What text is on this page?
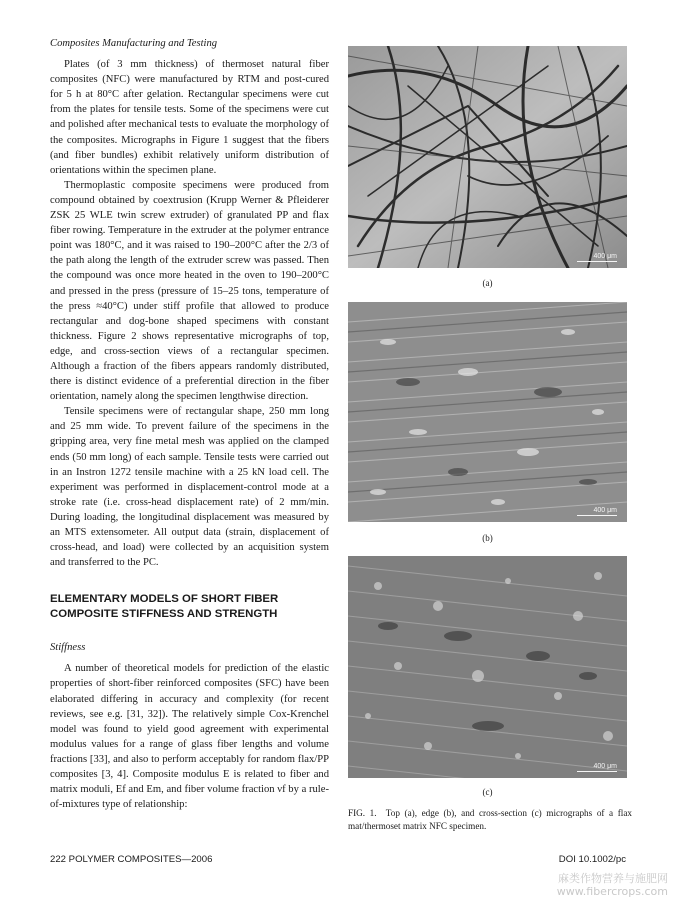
Composites Manufacturing and Testing

Plates (of 3 mm thickness) of thermoset natural fiber composites (NFC) were manufactured by RTM and post-cured for 5 h at 80°C after gelation. Rectangular specimens were cut from the plates for tensile tests. Some of the specimens were cut and polished after mechanical tests to evaluate the morphology of the composites. Micrographs in Figure 1 suggest that the fibers (and fiber bundles) exhibit relatively uniform distribution of orientations within the specimen plane.

Thermoplastic composite specimens were produced from compound obtained by coextrusion (Krupp Werner & Pfleiderer ZSK 25 WLE twin screw extruder) of granulated PP and flax fiber rowing. Temperature in the extruder at the polymer entrance point was 180°C, and it was raised to 190–200°C after the 2/3 of the path along the length of the extruder screw was passed. Then the compound was once more heated in the oven to 190–200°C and pressed in the press (pressure of 15–25 tons, temperature of the press ≈40°C) under stiff profile that allowed to produce rectangular and dog-bone shaped specimens with constant thickness. Figure 2 shows representative micrographs of top, edge, and cross-section views of a rectangular specimen. Although a fraction of the fibers appears randomly distributed, there is distinct evidence of a preferential direction in the fiber orientation, namely along the specimen lengthwise direction.

Tensile specimens were of rectangular shape, 250 mm long and 25 mm wide. To prevent failure of the specimens in the gripping area, very fine metal mesh was applied on the clamped ends (50 mm long) of each sample. Tensile tests were carried out in an Instron 1272 tensile machine with a 25 kN load cell. The experiment was performed in displacement-control mode at a stroke rate (i.e. cross-head displacement rate) of 2 mm/min. During loading, the longitudinal displacement was measured by an MTS extensometer. All output data (strain, displacement of cross-head, and load) were collected by an acquisition system and transferred to the PC.

ELEMENTARY MODELS OF SHORT FIBER COMPOSITE STIFFNESS AND STRENGTH
Stiffness

A number of theoretical models for prediction of the elastic properties of short-fiber reinforced composites (SFC) have been elaborated differing in accuracy and complexity (for recent reviews, see e.g. [31, 32]). The relatively simple Cox-Krenchel model was found to yield good agreement with experimental modulus values for a range of glass fiber lengths and volume fractions [33], and also to perform acceptably for random flax/PP composites [3, 4]. Composite modulus E is related to fiber and matrix moduli, Ef and Em, and fiber volume fraction νf by a rule-of-mixtures type of relationship:

400 μm
(a)
400 μm
(b)
400 μm
(c)
FIG. 1. Top (a), edge (b), and cross-section (c) micrographs of a flax mat/thermoset matrix NFC specimen.
222 POLYMER COMPOSITES—2006	DOI 10.1002/pc
麻类作物营养与施肥网
www.fibercrops.com
